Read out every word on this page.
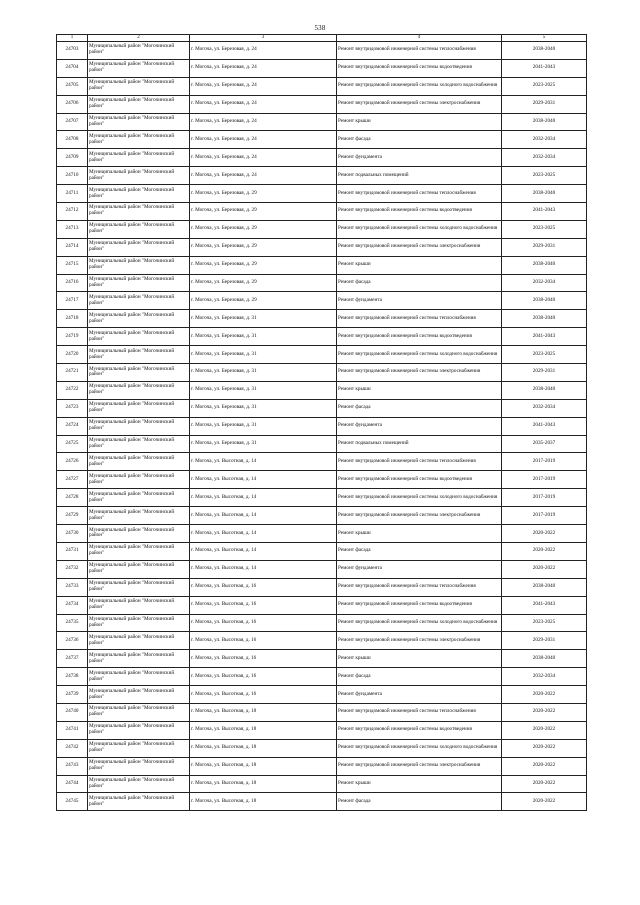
538
1	2	3	4	5
24703	Муниципальный район "Могочинский район"	г. Могоча, ул. Березовая, д. 24	Ремонт внутридомовой инженерной системы теплоснабжения	2038-2040
24704	Муниципальный район "Могочинский район"	г. Могоча, ул. Березовая, д. 24	Ремонт внутридомовой инженерной системы водоотведения	2041-2043
24705	Муниципальный район "Могочинский район"	г. Могоча, ул. Березовая, д. 24	Ремонт внутридомовой инженерной системы холодного водоснабжения	2023-2025
24706	Муниципальный район "Могочинский район"	г. Могоча, ул. Березовая, д. 24	Ремонт внутридомовой инженерной системы электроснабжения	2029-2031
24707	Муниципальный район "Могочинский район"	г. Могоча, ул. Березовая, д. 24	Ремонт крыши	2038-2040
24708	Муниципальный район "Могочинский район"	г. Могоча, ул. Березовая, д. 24	Ремонт фасада	2032-2034
24709	Муниципальный район "Могочинский район"	г. Могоча, ул. Березовая, д. 24	Ремонт фундамента	2032-2034
24710	Муниципальный район "Могочинский район"	г. Могоча, ул. Березовая, д. 24	Ремонт подвальных помещений	2023-2025
24711	Муниципальный район "Могочинский район"	г. Могоча, ул. Березовая, д. 29	Ремонт внутридомовой инженерной системы теплоснабжения	2038-2040
24712	Муниципальный район "Могочинский район"	г. Могоча, ул. Березовая, д. 29	Ремонт внутридомовой инженерной системы водоотведения	2041-2043
24713	Муниципальный район "Могочинский район"	г. Могоча, ул. Березовая, д. 29	Ремонт внутридомовой инженерной системы холодного водоснабжения	2023-2025
24714	Муниципальный район "Могочинский район"	г. Могоча, ул. Березовая, д. 29	Ремонт внутридомовой инженерной системы электроснабжения	2029-2031
24715	Муниципальный район "Могочинский район"	г. Могоча, ул. Березовая, д. 29	Ремонт крыши	2038-2040
24716	Муниципальный район "Могочинский район"	г. Могоча, ул. Березовая, д. 29	Ремонт фасада	2032-2034
24717	Муниципальный район "Могочинский район"	г. Могоча, ул. Березовая, д. 29	Ремонт фундамента	2038-2040
24718	Муниципальный район "Могочинский район"	г. Могоча, ул. Березовая, д. 31	Ремонт внутридомовой инженерной системы теплоснабжения	2038-2040
24719	Муниципальный район "Могочинский район"	г. Могоча, ул. Березовая, д. 31	Ремонт внутридомовой инженерной системы водоотведения	2041-2043
24720	Муниципальный район "Могочинский район"	г. Могоча, ул. Березовая, д. 31	Ремонт внутридомовой инженерной системы холодного водоснабжения	2023-2025
24721	Муниципальный район "Могочинский район"	г. Могоча, ул. Березовая, д. 31	Ремонт внутридомовой инженерной системы электроснабжения	2029-2031
24722	Муниципальный район "Могочинский район"	г. Могоча, ул. Березовая, д. 31	Ремонт крыши	2038-2040
24723	Муниципальный район "Могочинский район"	г. Могоча, ул. Березовая, д. 31	Ремонт фасада	2032-2034
24724	Муниципальный район "Могочинский район"	г. Могоча, ул. Березовая, д. 31	Ремонт фундамента	2041-2043
24725	Муниципальный район "Могочинский район"	г. Могоча, ул. Березовая, д. 31	Ремонт подвальных помещений	2035-2037
24726	Муниципальный район "Могочинский район"	г. Могоча, ул. Высотная, д. 14	Ремонт внутридомовой инженерной системы теплоснабжения	2017-2019
24727	Муниципальный район "Могочинский район"	г. Могоча, ул. Высотная, д. 14	Ремонт внутридомовой инженерной системы водоотведения	2017-2019
24728	Муниципальный район "Могочинский район"	г. Могоча, ул. Высотная, д. 14	Ремонт внутридомовой инженерной системы холодного водоснабжения	2017-2019
24729	Муниципальный район "Могочинский район"	г. Могоча, ул. Высотная, д. 14	Ремонт внутридомовой инженерной системы электроснабжения	2017-2019
24730	Муниципальный район "Могочинский район"	г. Могоча, ул. Высотная, д. 14	Ремонт крыши	2020-2022
24731	Муниципальный район "Могочинский район"	г. Могоча, ул. Высотная, д. 14	Ремонт фасада	2020-2022
24732	Муниципальный район "Могочинский район"	г. Могоча, ул. Высотная, д. 14	Ремонт фундамента	2020-2022
24733	Муниципальный район "Могочинский район"	г. Могоча, ул. Высотная, д. 16	Ремонт внутридомовой инженерной системы теплоснабжения	2038-2040
24734	Муниципальный район "Могочинский район"	г. Могоча, ул. Высотная, д. 16	Ремонт внутридомовой инженерной системы водоотведения	2041-2043
24735	Муниципальный район "Могочинский район"	г. Могоча, ул. Высотная, д. 16	Ремонт внутридомовой инженерной системы холодного водоснабжения	2023-2025
24736	Муниципальный район "Могочинский район"	г. Могоча, ул. Высотная, д. 16	Ремонт внутридомовой инженерной системы электроснабжения	2029-2031
24737	Муниципальный район "Могочинский район"	г. Могоча, ул. Высотная, д. 16	Ремонт крыши	2038-2040
24738	Муниципальный район "Могочинский район"	г. Могоча, ул. Высотная, д. 16	Ремонт фасада	2032-2034
24739	Муниципальный район "Могочинский район"	г. Могоча, ул. Высотная, д. 16	Ремонт фундамента	2020-2022
24740	Муниципальный район "Могочинский район"	г. Могоча, ул. Высотная, д. 18	Ремонт внутридомовой инженерной системы теплоснабжения	2020-2022
24741	Муниципальный район "Могочинский район"	г. Могоча, ул. Высотная, д. 18	Ремонт внутридомовой инженерной системы водоотведения	2020-2022
24742	Муниципальный район "Могочинский район"	г. Могоча, ул. Высотная, д. 18	Ремонт внутридомовой инженерной системы холодного водоснабжения	2020-2022
24743	Муниципальный район "Могочинский район"	г. Могоча, ул. Высотная, д. 18	Ремонт внутридомовой инженерной системы электроснабжения	2020-2022
24744	Муниципальный район "Могочинский район"	г. Могоча, ул. Высотная, д. 18	Ремонт крыши	2020-2022
24745	Муниципальный район "Могочинский район"	г. Могоча, ул. Высотная, д. 18	Ремонт фасада	2020-2022
